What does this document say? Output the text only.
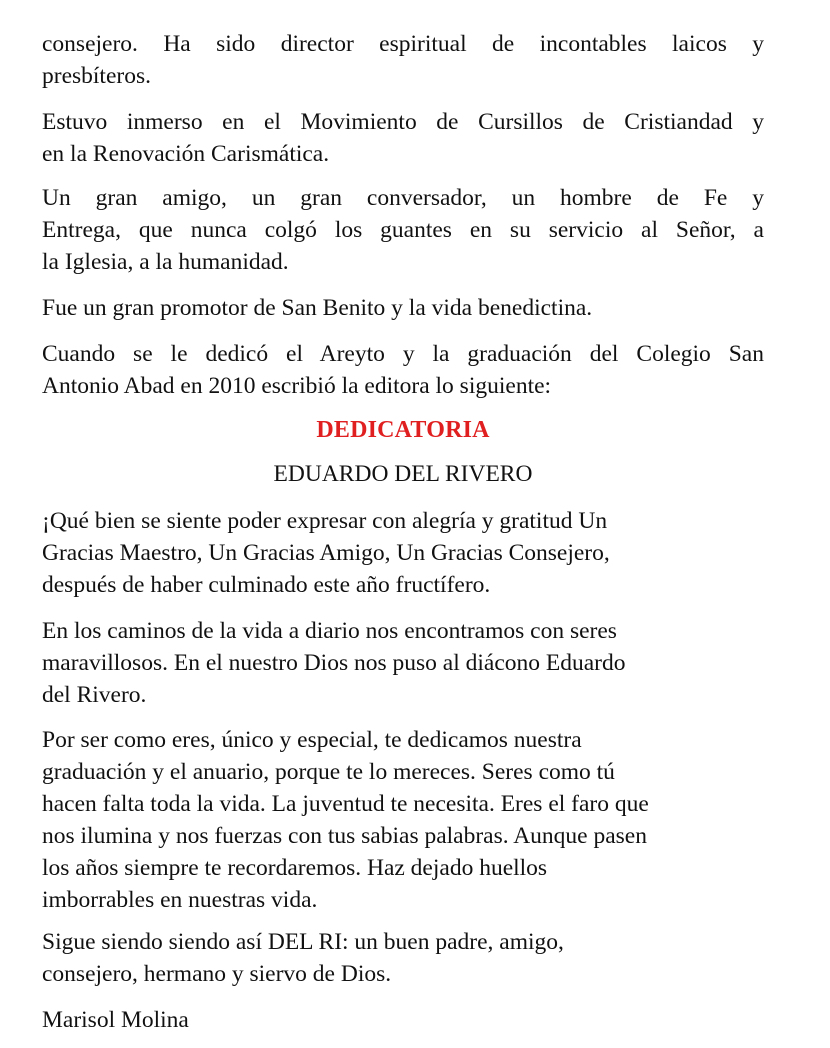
consejero. Ha sido director espiritual de incontables laicos y
presbíteros.
Estuvo inmerso en el Movimiento de Cursillos de Cristiandad y
en la Renovación Carismática.
Un gran amigo, un gran conversador, un hombre de Fe y
Entrega, que nunca colgó los guantes en su servicio al Señor, a
la Iglesia, a la humanidad.
Fue un gran promotor de San Benito y la vida benedictina.
Cuando se le dedicó el Areyto y la graduación del Colegio San
Antonio Abad en 2010 escribió la editora lo siguiente:
DEDICATORIA
EDUARDO DEL RIVERO
¡Qué bien se siente poder expresar con alegría y gratitud Un
Gracias Maestro, Un Gracias Amigo, Un Gracias Consejero,
después de haber culminado este año fructífero.
En los caminos de la vida a diario nos encontramos con seres
maravillosos. En el nuestro Dios nos puso al diácono Eduardo
del Rivero.
Por ser como eres, único y especial, te dedicamos nuestra
graduación y el anuario, porque te lo mereces. Seres como tú
hacen falta toda la vida. La juventud te necesita. Eres el faro que
nos ilumina y nos fuerzas con tus sabias palabras. Aunque pasen
los años siempre te recordaremos. Haz dejado huellos
imborrables en nuestras vida.
Sigue siendo siendo así DEL RI: un buen padre, amigo,
consejero, hermano y siervo de Dios.
Marisol Molina
